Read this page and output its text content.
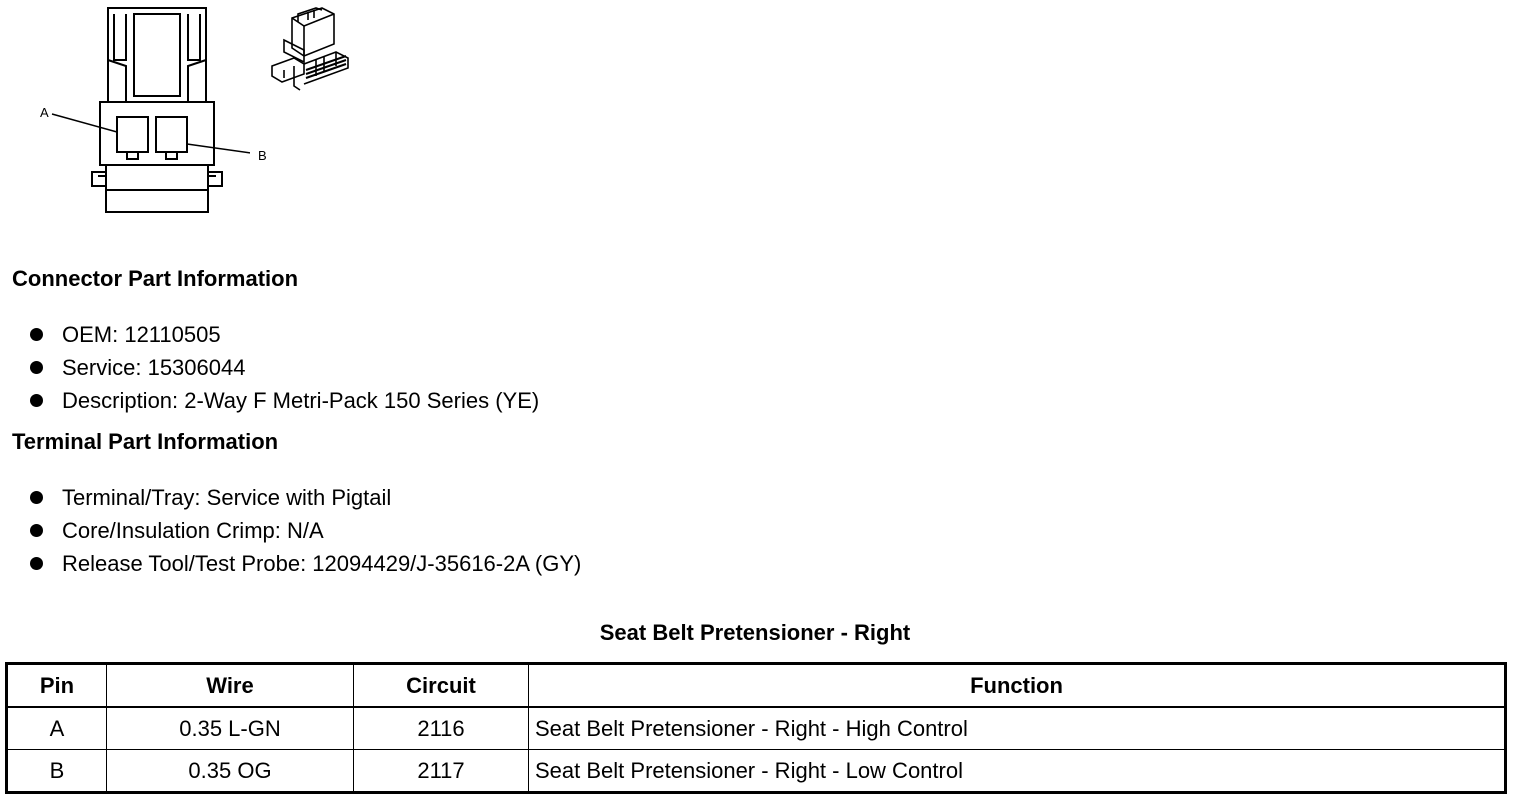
A
B
Connector Part Information
OEM: 12110505
Service: 15306044
Description: 2-Way F Metri-Pack 150 Series (YE)
Terminal Part Information
Terminal/Tray: Service with Pigtail
Core/Insulation Crimp: N/A
Release Tool/Test Probe: 12094429/J-35616-2A (GY)
Seat Belt Pretensioner - Right
Pin	Wire	Circuit	Function
A	0.35 L-GN	2116	Seat Belt Pretensioner - Right - High Control
B	0.35 OG	2117	Seat Belt Pretensioner - Right - Low Control
